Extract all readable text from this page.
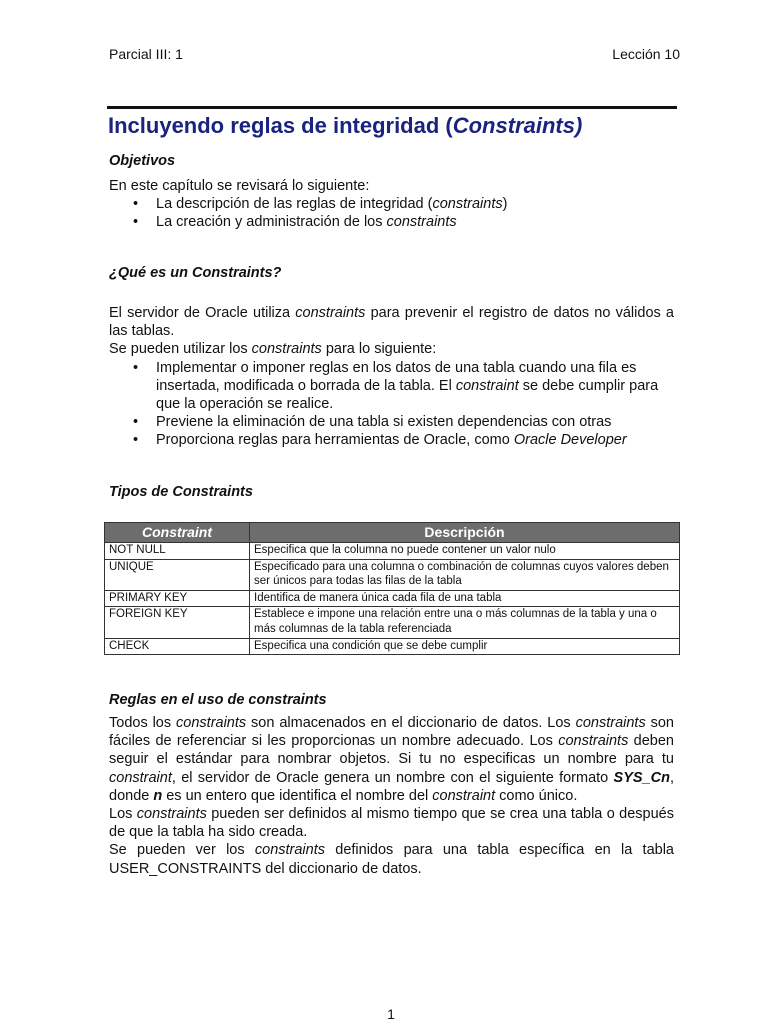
Parcial III: 1	Lección 10
Incluyendo reglas de integridad (Constraints)
Objetivos
En este capítulo se revisará lo siguiente:
• La descripción de las reglas de integridad (constraints)
• La creación y administración de los constraints
¿Qué es un Constraints?
El servidor de Oracle utiliza constraints para prevenir el registro de datos no válidos a las tablas.
Se pueden utilizar los constraints para lo siguiente:
• Implementar o imponer reglas en los datos de una tabla cuando una fila es insertada, modificada o borrada de la tabla. El constraint se debe cumplir para que la operación se realice.
• Previene la eliminación de una tabla si existen dependencias con otras
• Proporciona reglas para herramientas de Oracle, como Oracle Developer
Tipos de Constraints
Constraint	Descripción
NOT NULL	Especifica que la columna no puede contener un valor nulo
UNIQUE	Especificado para una columna o combinación de columnas cuyos valores deben ser únicos para todas las filas de la tabla
PRIMARY KEY	Identifica de manera única cada fila de una tabla
FOREIGN KEY	Establece e impone una relación entre una o más columnas de la tabla y una o más columnas de la tabla referenciada
CHECK	Especifica una condición que se debe cumplir
Reglas en el uso de constraints
Todos los constraints son almacenados en el diccionario de datos. Los constraints son fáciles de referenciar si les proporcionas un nombre adecuado. Los constraints deben seguir el estándar para nombrar objetos. Si tu no especificas un nombre para tu constraint, el servidor de Oracle genera un nombre con el siguiente formato SYS_Cn, donde n es un entero que identifica el nombre del constraint como único.
Los constraints pueden ser definidos al mismo tiempo que se crea una tabla o después de que la tabla ha sido creada.
Se pueden ver los constraints definidos para una tabla específica en la tabla USER_CONSTRAINTS del diccionario de datos.
1
